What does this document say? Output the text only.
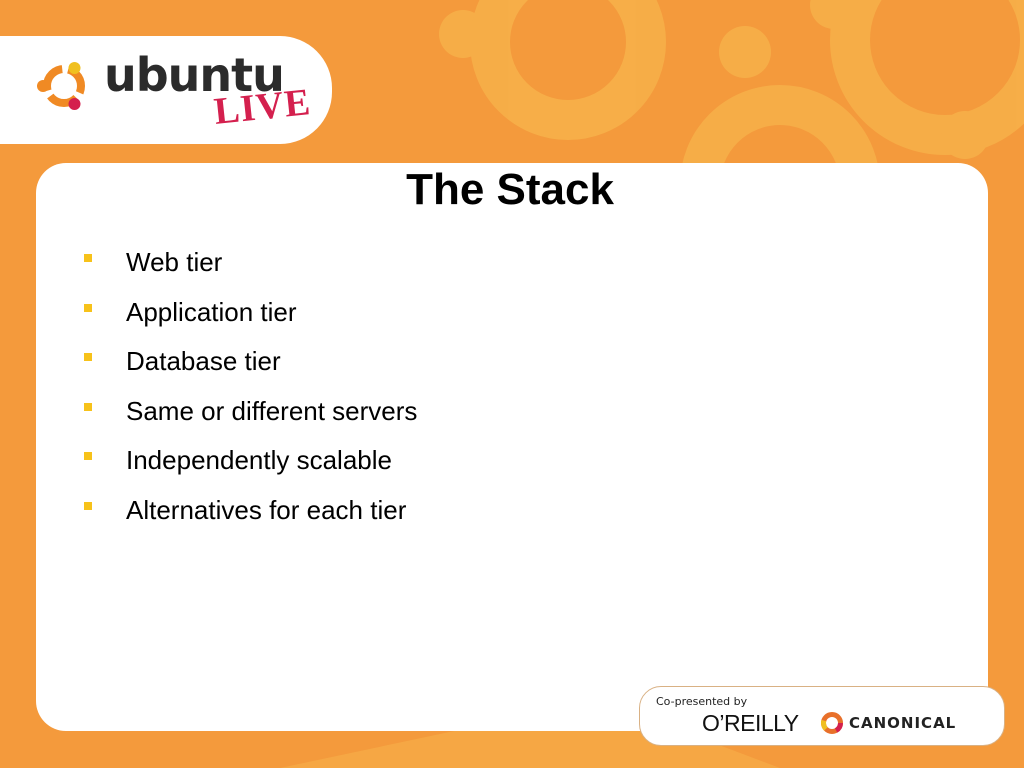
ubuntu
LIVE
The Stack
Web tier
Application tier
Database tier
Same or different servers
Independently scalable
Alternatives for each tier
Co-presented by
O’REILLY	CANONICAL
